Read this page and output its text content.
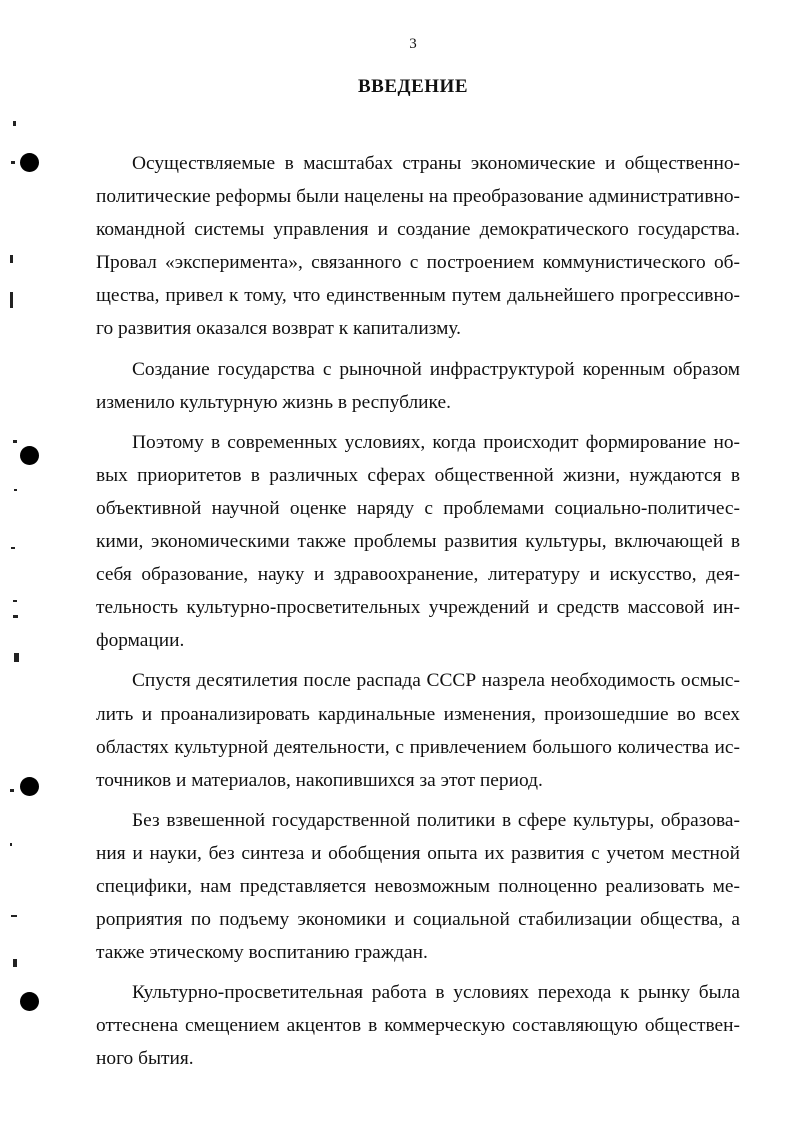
3
ВВЕДЕНИЕ

Осуществляемые в масштабах страны экономические и общественно-политические реформы были нацелены на преобразование административно-командной системы управления и создание демократического государства. Провал «эксперимента», связанного с построением коммунистического общества, привел к тому, что единственным путем дальнейшего прогрессивного развития оказался возврат к капитализму.

Создание государства с рыночной инфраструктурой коренным образом изменило культурную жизнь в республике.

Поэтому в современных условиях, когда происходит формирование новых приоритетов в различных сферах общественной жизни, нуждаются в объективной научной оценке наряду с проблемами социально-политическими, экономическими также проблемы развития культуры, включающей в себя образование, науку и здравоохранение, литературу и искусство, деятельность культурно-просветительных учреждений и средств массовой информации.

Спустя десятилетия после распада СССР назрела необходимость осмыслить и проанализировать кардинальные изменения, произошедшие во всех областях культурной деятельности, с привлечением большого количества источников и материалов, накопившихся за этот период.

Без взвешенной государственной политики в сфере культуры, образования и науки, без синтеза и обобщения опыта их развития с учетом местной специфики, нам представляется невозможным полноценно реализовать мероприятия по подъему экономики и социальной стабилизации общества, а также этическому воспитанию граждан.

Культурно-просветительная работа в условиях перехода к рынку была оттеснена смещением акцентов в коммерческую составляющую общественного бытия.
